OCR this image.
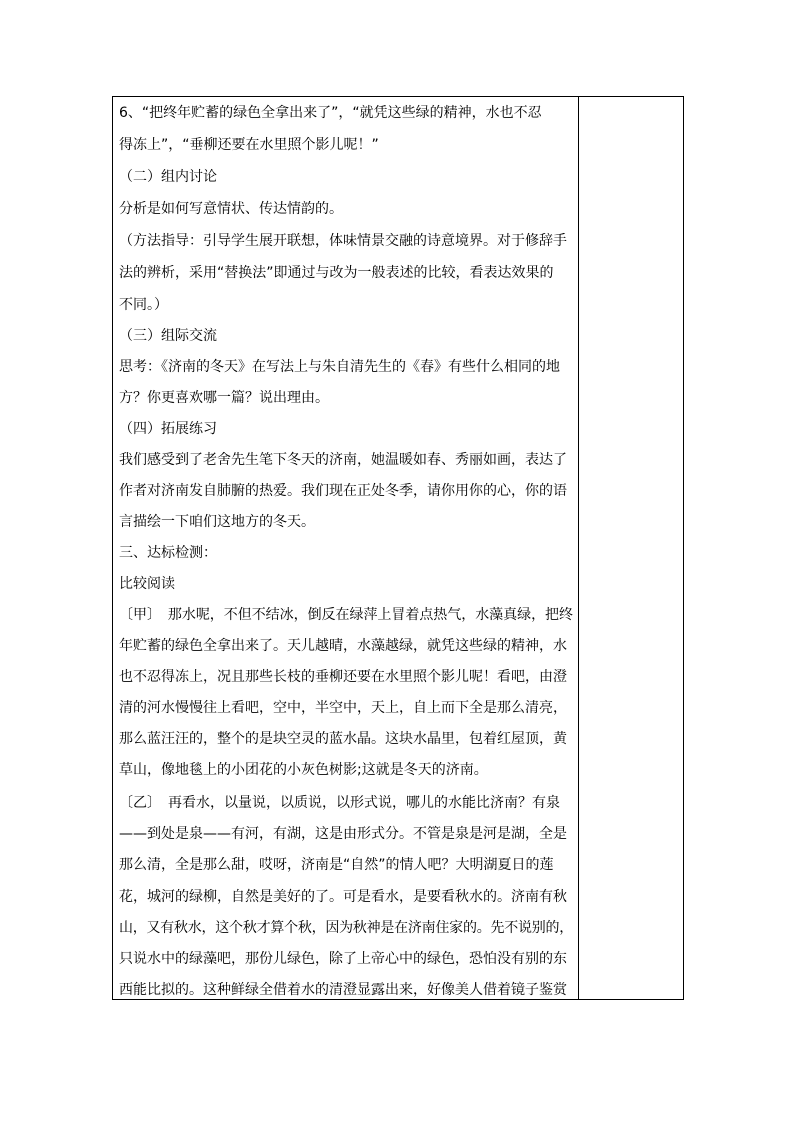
6、“把终年贮蓄的绿色全拿出来了”，“就凭这些绿的精神，水也不忍
得冻上”，“垂柳还要在水里照个影儿呢！”
（二）组内讨论
分析是如何写意情状、传达情韵的。
（方法指导：引导学生展开联想，体味情景交融的诗意境界。对于修辞手
法的辨析，采用“替换法”即通过与改为一般表述的比较，看表达效果的
不同。）
（三）组际交流
思考：《济南的冬天》在写法上与朱自清先生的《春》有些什么相同的地
方？你更喜欢哪一篇？说出理由。
（四）拓展练习
我们感受到了老舍先生笔下冬天的济南，她温暖如春、秀丽如画，表达了
作者对济南发自肺腑的热爱。我们现在正处冬季，请你用你的心，你的语
言描绘一下咱们这地方的冬天。
三、达标检测：
比较阅读
〔甲〕　那水呢，不但不结冰，倒反在绿萍上冒着点热气，水藻真绿，把终
年贮蓄的绿色全拿出来了。天儿越晴，水藻越绿，就凭这些绿的精神，水
也不忍得冻上，况且那些长枝的垂柳还要在水里照个影儿呢！看吧，由澄
清的河水慢慢往上看吧，空中，半空中，天上，自上而下全是那么清亮，
那么蓝汪汪的，整个的是块空灵的蓝水晶。这块水晶里，包着红屋顶，黄
草山，像地毯上的小团花的小灰色树影;这就是冬天的济南。
〔乙〕　再看水，以量说，以质说，以形式说，哪儿的水能比济南？有泉
——到处是泉——有河，有湖，这是由形式分。不管是泉是河是湖，全是
那么清，全是那么甜，哎呀，济南是“自然”的情人吧？大明湖夏日的莲
花，城河的绿柳，自然是美好的了。可是看水，是要看秋水的。济南有秋
山，又有秋水，这个秋才算个秋，因为秋神是在济南住家的。先不说别的，
只说水中的绿藻吧，那份儿绿色，除了上帝心中的绿色，恐怕没有别的东
西能比拟的。这种鲜绿全借着水的清澄显露出来，好像美人借着镜子鉴赏
